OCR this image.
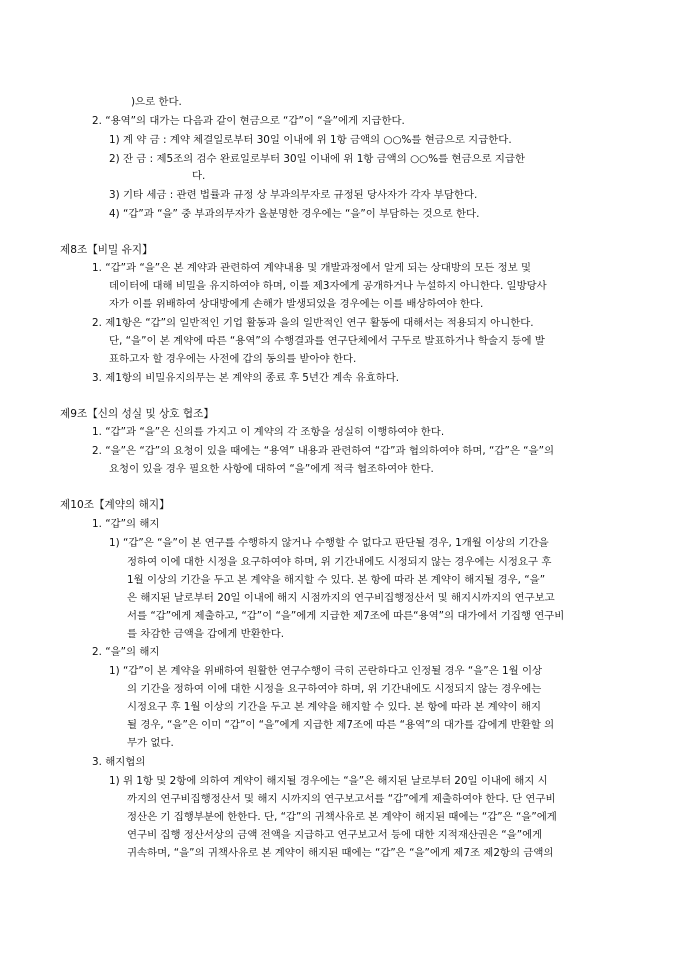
)으로 한다.
2. “용역”의 대가는 다음과 같이 현금으로 “갑”이 “을”에게 지급한다.
1) 계 약 금 : 계약 체결일로부터 30일 이내에 위 1항 금액의 ○○%를 현금으로 지급한다.
2) 잔 금 : 제5조의 검수 완료일로부터 30일 이내에 위 1항 금액의 ○○%를 현금으로 지급한
다.
3) 기타 세금 : 관련 법률과 규정 상 부과의무자로 규정된 당사자가 각자 부담한다.
4) “갑”과 “을” 중 부과의무자가 올분명한 경우에는 “을”이 부담하는 것으로 한다.
제8조【비밀 유지】
1. “갑”과 “을”은 본 계약과 관련하여 계약내용 및 개발과정에서 알게 되는 상대방의 모든 정보 및
데이터에 대해 비밀을 유지하여야 하며, 이를 제3자에게 공개하거나 누설하지 아니한다. 일방당사
자가 이를 위배하여 상대방에게 손해가 발생되었을 경우에는 이를 배상하여야 한다.
2. 제1항은 “갑”의 일반적인 기업 활동과 을의 일반적인 연구 활동에 대해서는 적용되지 아니한다.
단, “을”이 본 계약에 따른 “용역”의 수행결과를 연구단체에서 구두로 발표하거나 학술지 등에 발
표하고자 할 경우에는 사전에 갑의 동의를 받아야 한다.
3. 제1항의 비밀유지의무는 본 계약의 종료 후 5년간 계속 유효하다.
제9조【신의 성실 및 상호 협조】
1. “갑”과 “을”은 신의를 가지고 이 계약의 각 조항을 성실히 이행하여야 한다.
2. “을”은 “갑”의 요청이 있을 때에는 “용역” 내용과 관련하여 “갑”과 협의하여야 하며, “갑”은 “을”의
요청이 있을 경우 필요한 사항에 대하여 “을”에게 적극 협조하여야 한다.
제10조【계약의 해지】
1. “갑”의 해지
1) “갑”은 “을”이 본 연구를 수행하지 않거나 수행할 수 없다고 판단될 경우, 1개월 이상의 기간을
정하여 이에 대한 시정을 요구하여야 하며, 위 기간내에도 시정되지 않는 경우에는 시정요구 후
1월 이상의 기간을 두고 본 계약을 해지할 수 있다. 본 항에 따라 본 계약이 해지될 경우, “을”
은 해지된 날로부터 20일 이내에 해지 시점까지의 연구비집행정산서 및 해지시까지의 연구보고
서를 “갑”에게 제출하고, “갑”이 “을”에게 지급한 제7조에 따른“용역”의 대가에서 기집행 연구비
를 차감한 금액을 갑에게 반환한다.
2. “을”의 해지
1) “갑”이 본 계약을 위배하여 원활한 연구수행이 극히 곤란하다고 인정될 경우 “을”은 1월 이상
의 기간을 정하여 이에 대한 시정을 요구하여야 하며, 위 기간내에도 시정되지 않는 경우에는
시정요구 후 1월 이상의 기간을 두고 본 계약을 해지할 수 있다. 본 항에 따라 본 계약이 해지
될 경우, “을”은 이미 “갑”이 “을”에게 지급한 제7조에 따른 “용역”의 대가를 갑에게 반환할 의
무가 없다.
3. 해지협의
1) 위 1항 및 2항에 의하여 계약이 해지될 경우에는 “을”은 해지된 날로부터 20일 이내에 해지 시
까지의 연구비집행정산서 및 해지 시까지의 연구보고서를 “갑”에게 제출하여야 한다. 단 연구비
정산은 기 집행부분에 한한다. 단, “갑”의 귀책사유로 본 계약이 해지된 때에는 “갑”은 “을”에게
연구비 집행 정산서상의 금액 전액을 지급하고 연구보고서 등에 대한 지적재산권은 “을”에게
귀속하며, “을”의 귀책사유로 본 계약이 해지된 때에는 “갑”은 “을”에게 제7조 제2항의 금액의
